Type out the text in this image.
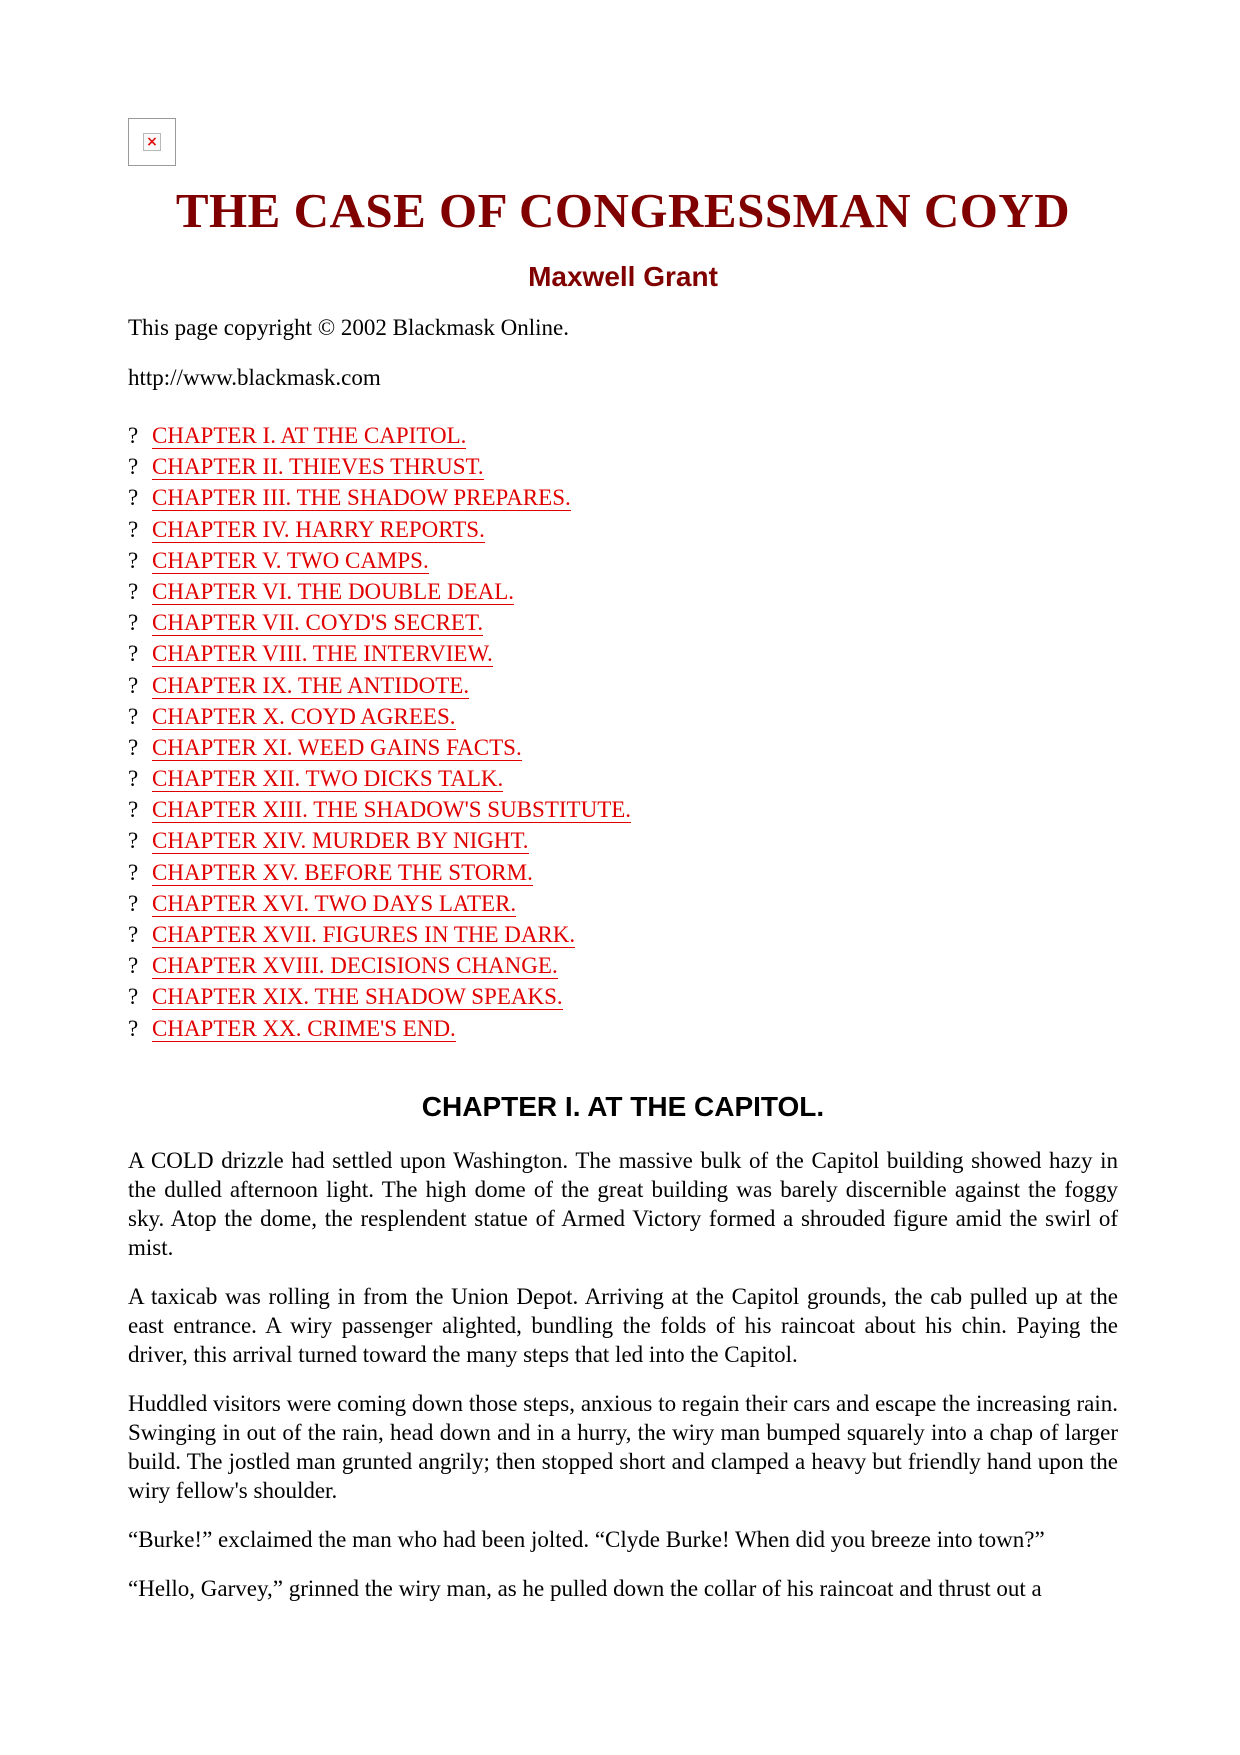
×
THE CASE OF CONGRESSMAN COYD
Maxwell Grant

This page copyright © 2002 Blackmask Online.

http://www.blackmask.com

? CHAPTER I. AT THE CAPITOL.
? CHAPTER II. THIEVES THRUST.
? CHAPTER III. THE SHADOW PREPARES.
? CHAPTER IV. HARRY REPORTS.
? CHAPTER V. TWO CAMPS.
? CHAPTER VI. THE DOUBLE DEAL.
? CHAPTER VII. COYD'S SECRET.
? CHAPTER VIII. THE INTERVIEW.
? CHAPTER IX. THE ANTIDOTE.
? CHAPTER X. COYD AGREES.
? CHAPTER XI. WEED GAINS FACTS.
? CHAPTER XII. TWO DICKS TALK.
? CHAPTER XIII. THE SHADOW'S SUBSTITUTE.
? CHAPTER XIV. MURDER BY NIGHT.
? CHAPTER XV. BEFORE THE STORM.
? CHAPTER XVI. TWO DAYS LATER.
? CHAPTER XVII. FIGURES IN THE DARK.
? CHAPTER XVIII. DECISIONS CHANGE.
? CHAPTER XIX. THE SHADOW SPEAKS.
? CHAPTER XX. CRIME'S END.
CHAPTER I. AT THE CAPITOL.

A COLD drizzle had settled upon Washington. The massive bulk of the Capitol building showed hazy in the dulled afternoon light. The high dome of the great building was barely discernible against the foggy sky. Atop the dome, the resplendent statue of Armed Victory formed a shrouded figure amid the swirl of mist.

A taxicab was rolling in from the Union Depot. Arriving at the Capitol grounds, the cab pulled up at the east entrance. A wiry passenger alighted, bundling the folds of his raincoat about his chin. Paying the driver, this arrival turned toward the many steps that led into the Capitol.

Huddled visitors were coming down those steps, anxious to regain their cars and escape the increasing rain. Swinging in out of the rain, head down and in a hurry, the wiry man bumped squarely into a chap of larger build. The jostled man grunted angrily; then stopped short and clamped a heavy but friendly hand upon the wiry fellow's shoulder.

“Burke!” exclaimed the man who had been jolted. “Clyde Burke! When did you breeze into town?”

“Hello, Garvey,” grinned the wiry man, as he pulled down the collar of his raincoat and thrust out a
